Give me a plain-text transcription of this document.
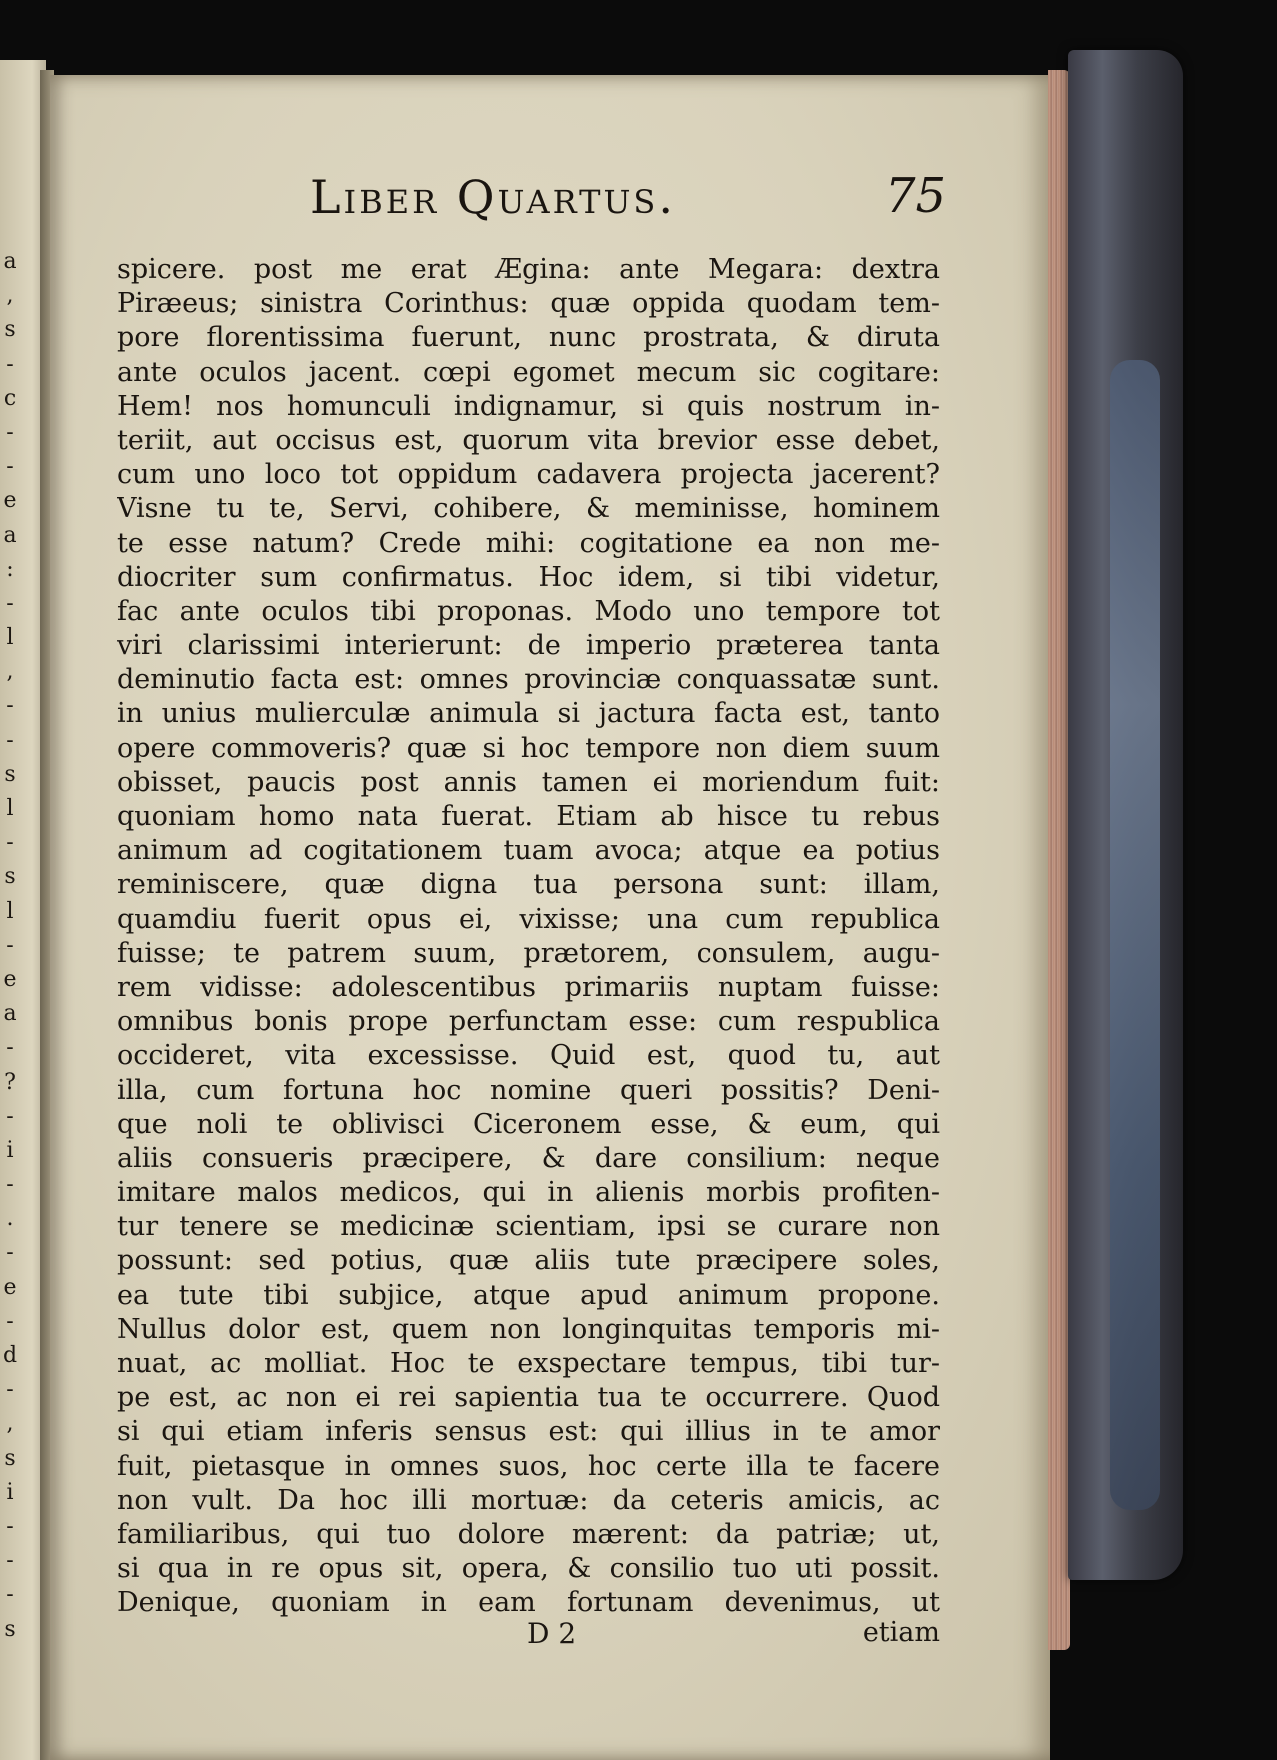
a
,
s
-
c
-
-
e
a
:
-
l
,
-
-
s
l
-
s
l
-
e
a
-
?
-
i
-
.
-
e
-
d
-
,
s
i
-
-
-
s
Liber Quartus.	75
spicere. post me erat Ægina: ante Megara: dextra
Piræeus; sinistra Corinthus: quæ oppida quodam tem-
pore florentissima fuerunt, nunc prostrata, & diruta
ante oculos jacent. cœpi egomet mecum sic cogitare:
Hem! nos homunculi indignamur, si quis nostrum in-
teriit, aut occisus est, quorum vita brevior esse debet,
cum uno loco tot oppidum cadavera projecta jacerent?
Visne tu te, Servi, cohibere, & meminisse, hominem
te esse natum? Crede mihi: cogitatione ea non me-
diocriter sum confirmatus. Hoc idem, si tibi videtur,
fac ante oculos tibi proponas. Modo uno tempore tot
viri clarissimi interierunt: de imperio præterea tanta
deminutio facta est: omnes provinciæ conquassatæ sunt.
in unius mulierculæ animula si jactura facta est, tanto
opere commoveris? quæ si hoc tempore non diem suum
obisset, paucis post annis tamen ei moriendum fuit:
quoniam homo nata fuerat. Etiam ab hisce tu rebus
animum ad cogitationem tuam avoca; atque ea potius
reminiscere, quæ digna tua persona sunt: illam,
quamdiu fuerit opus ei, vixisse; una cum republica
fuisse; te patrem suum, prætorem, consulem, augu-
rem vidisse: adolescentibus primariis nuptam fuisse:
omnibus bonis prope perfunctam esse: cum respublica
occideret, vita excessisse. Quid est, quod tu, aut
illa, cum fortuna hoc nomine queri possitis? Deni-
que noli te oblivisci Ciceronem esse, & eum, qui
aliis consueris præcipere, & dare consilium: neque
imitare malos medicos, qui in alienis morbis profiten-
tur tenere se medicinæ scientiam, ipsi se curare non
possunt: sed potius, quæ aliis tute præcipere soles,
ea tute tibi subjice, atque apud animum propone.
Nullus dolor est, quem non longinquitas temporis mi-
nuat, ac molliat. Hoc te exspectare tempus, tibi tur-
pe est, ac non ei rei sapientia tua te occurrere. Quod
si qui etiam inferis sensus est: qui illius in te amor
fuit, pietasque in omnes suos, hoc certe illa te facere
non vult. Da hoc illi mortuæ: da ceteris amicis, ac
familiaribus, qui tuo dolore mærent: da patriæ; ut,
si qua in re opus sit, opera, & consilio tuo uti possit.
Denique, quoniam in eam fortunam devenimus, ut
D 2	etiam
